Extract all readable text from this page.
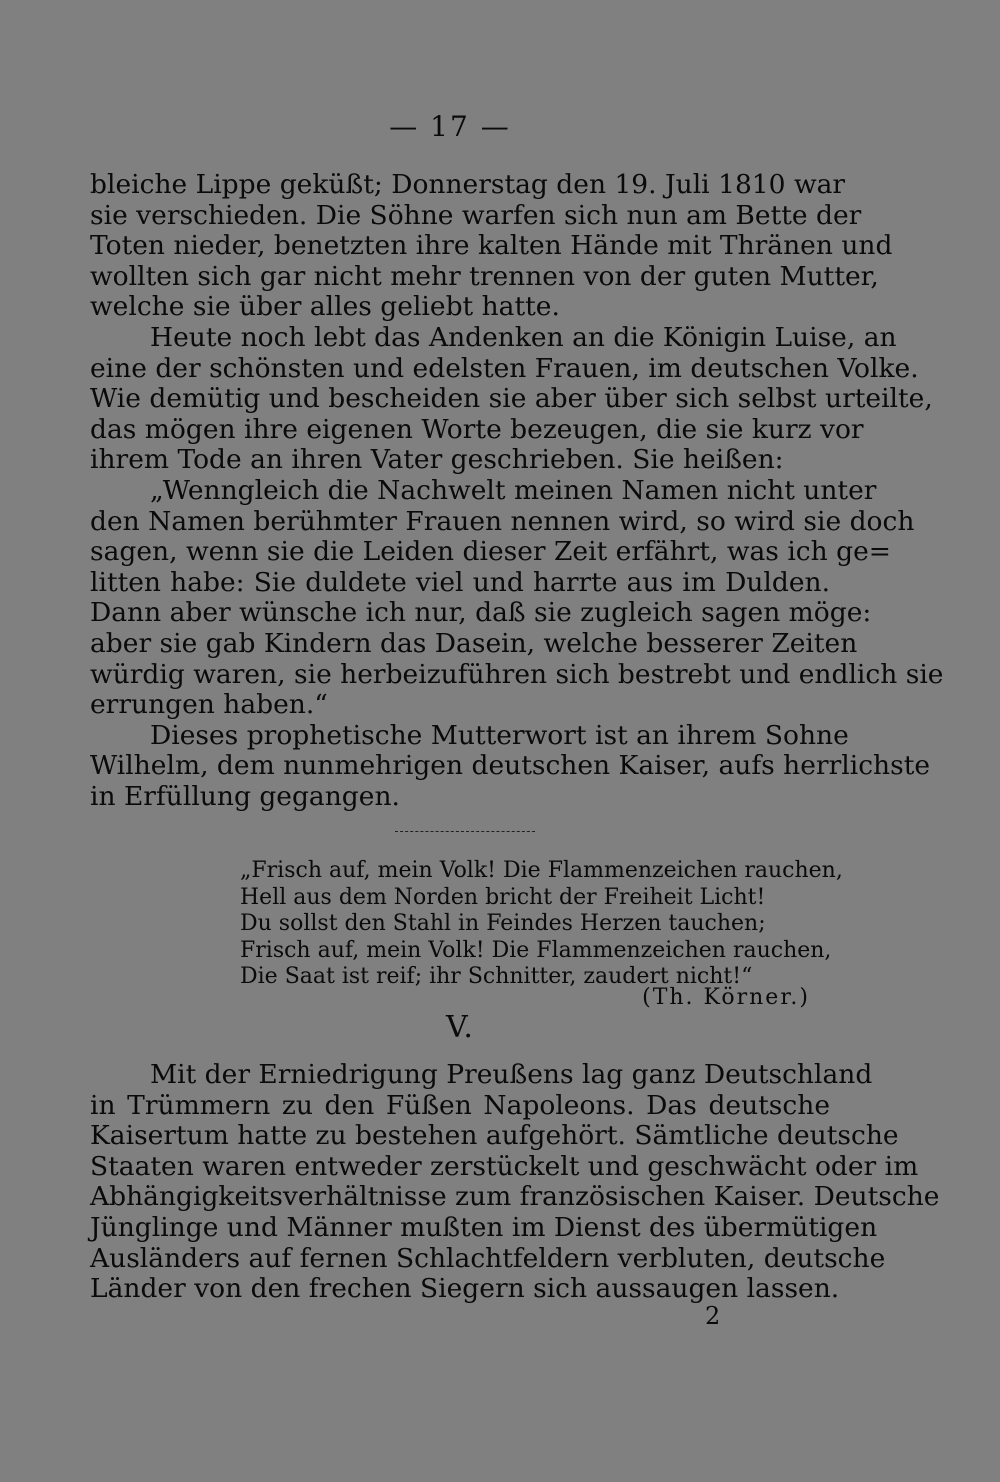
— 17 —
bleiche Lippe geküßt; Donnerstag den 19. Juli 1810 war
sie verschieden. Die Söhne warfen sich nun am Bette der
Toten nieder, benetzten ihre kalten Hände mit Thränen und
wollten sich gar nicht mehr trennen von der guten Mutter,
welche sie über alles geliebt hatte.
Heute noch lebt das Andenken an die Königin Luise, an
eine der schönsten und edelsten Frauen, im deutschen Volke.
Wie demütig und bescheiden sie aber über sich selbst urteilte,
das mögen ihre eigenen Worte bezeugen, die sie kurz vor
ihrem Tode an ihren Vater geschrieben. Sie heißen:
„Wenngleich die Nachwelt meinen Namen nicht unter
den Namen berühmter Frauen nennen wird, so wird sie doch
sagen, wenn sie die Leiden dieser Zeit erfährt, was ich ge=
litten habe: Sie duldete viel und harrte aus im Dulden.
Dann aber wünsche ich nur, daß sie zugleich sagen möge:
aber sie gab Kindern das Dasein, welche besserer Zeiten
würdig waren, sie herbeizuführen sich bestrebt und endlich sie
errungen haben.“
Dieses prophetische Mutterwort ist an ihrem Sohne
Wilhelm, dem nunmehrigen deutschen Kaiser, aufs herrlichste
in Erfüllung gegangen.
„Frisch auf, mein Volk! Die Flammenzeichen rauchen,
Hell aus dem Norden bricht der Freiheit Licht!
Du sollst den Stahl in Feindes Herzen tauchen;
Frisch auf, mein Volk! Die Flammenzeichen rauchen,
Die Saat ist reif; ihr Schnitter, zaudert nicht!“
(Th. Körner.)
V.
Mit der Erniedrigung Preußens lag ganz Deutschland
in Trümmern zu den Füßen Napoleons. Das deutsche
Kaisertum hatte zu bestehen aufgehört. Sämtliche deutsche
Staaten waren entweder zerstückelt und geschwächt oder im
Abhängigkeitsverhältnisse zum französischen Kaiser. Deutsche
Jünglinge und Männer mußten im Dienst des übermütigen
Ausländers auf fernen Schlachtfeldern verbluten, deutsche
Länder von den frechen Siegern sich aussaugen lassen.
2
